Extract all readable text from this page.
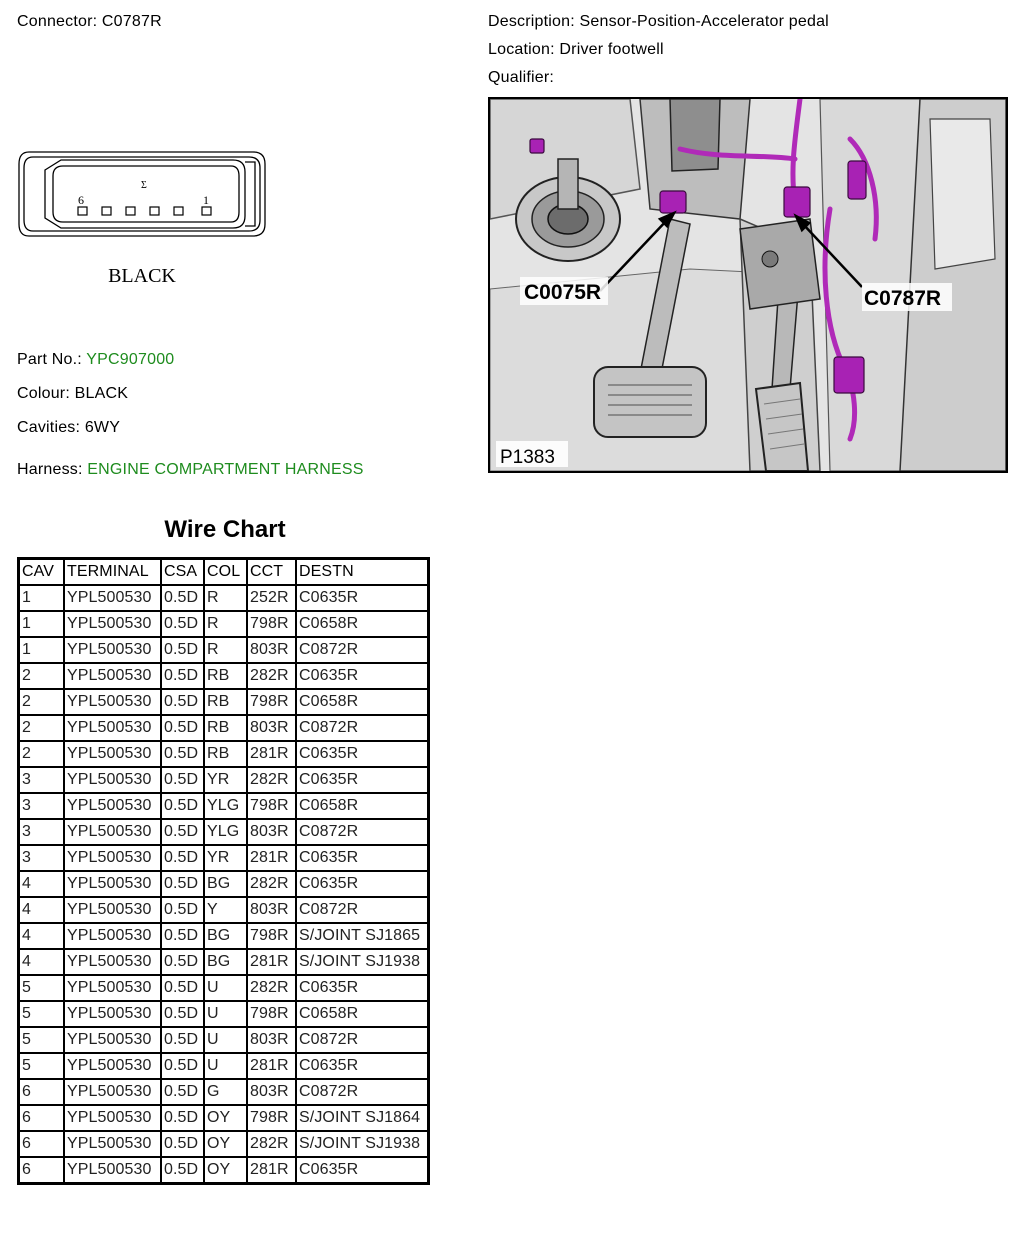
Connector: C0787R	Description: Sensor-Position-Accelerator pedal
Location: Driver footwell
Qualifier:
6	1
Σ
BLACK
Part No.: YPC907000
Colour: BLACK
Cavities: 6WY
Harness: ENGINE COMPARTMENT HARNESS
C0075R	C0787R
P1383
Wire Chart
CAV	TERMINAL	CSA	COL	CCT	DESTN
1	YPL500530	0.5D	R	252R	C0635R
1	YPL500530	0.5D	R	798R	C0658R
1	YPL500530	0.5D	R	803R	C0872R
2	YPL500530	0.5D	RB	282R	C0635R
2	YPL500530	0.5D	RB	798R	C0658R
2	YPL500530	0.5D	RB	803R	C0872R
2	YPL500530	0.5D	RB	281R	C0635R
3	YPL500530	0.5D	YR	282R	C0635R
3	YPL500530	0.5D	YLG	798R	C0658R
3	YPL500530	0.5D	YLG	803R	C0872R
3	YPL500530	0.5D	YR	281R	C0635R
4	YPL500530	0.5D	BG	282R	C0635R
4	YPL500530	0.5D	Y	803R	C0872R
4	YPL500530	0.5D	BG	798R	S/JOINT SJ1865
4	YPL500530	0.5D	BG	281R	S/JOINT SJ1938
5	YPL500530	0.5D	U	282R	C0635R
5	YPL500530	0.5D	U	798R	C0658R
5	YPL500530	0.5D	U	803R	C0872R
5	YPL500530	0.5D	U	281R	C0635R
6	YPL500530	0.5D	G	803R	C0872R
6	YPL500530	0.5D	OY	798R	S/JOINT SJ1864
6	YPL500530	0.5D	OY	282R	S/JOINT SJ1938
6	YPL500530	0.5D	OY	281R	C0635R
